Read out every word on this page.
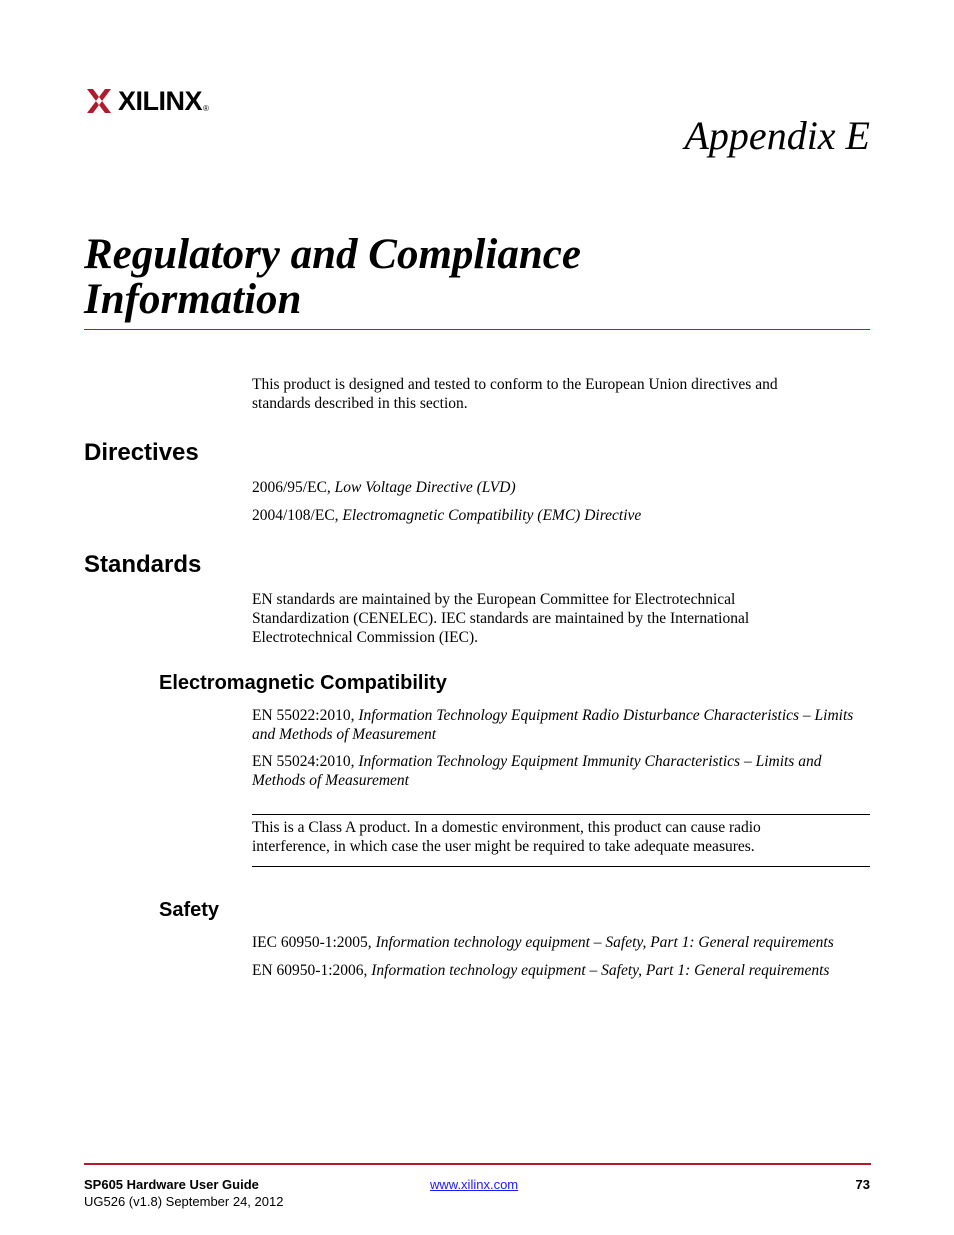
XILINX ®
Appendix E
Regulatory and Compliance
Information

This product is designed and tested to conform to the European Union directives and
standards described in this section.

Directives

2006/95/EC, Low Voltage Directive (LVD)

2004/108/EC, Electromagnetic Compatibility (EMC) Directive

Standards

EN standards are maintained by the European Committee for Electrotechnical
Standardization (CENELEC). IEC standards are maintained by the International
Electrotechnical Commission (IEC).

Electromagnetic Compatibility

EN 55022:2010, Information Technology Equipment Radio Disturbance Characteristics – Limits
and Methods of Measurement

EN 55024:2010, Information Technology Equipment Immunity Characteristics – Limits and
Methods of Measurement

This is a Class A product. In a domestic environment, this product can cause radio
interference, in which case the user might be required to take adequate measures.

Safety

IEC 60950-1:2005, Information technology equipment – Safety, Part 1: General requirements

EN 60950-1:2006, Information technology equipment – Safety, Part 1: General requirements

SP605 Hardware User Guide
UG526 (v1.8) September 24, 2012
www.xilinx.com	73
